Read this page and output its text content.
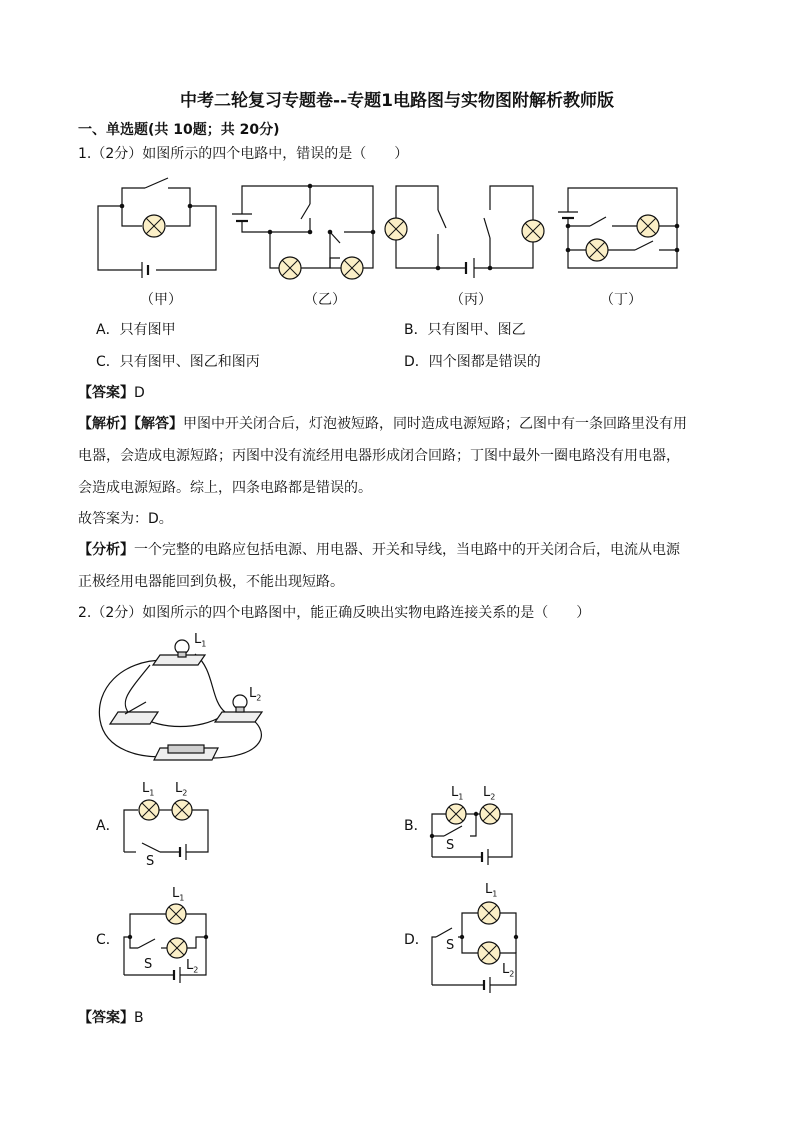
中考二轮复习专题卷--专题1电路图与实物图附解析教师版
一、单选题(共 10题；共 20分)
1.（2分）如图所示的四个电路中，错误的是（　　）
（甲）	（乙）	（丙）	（丁）
A．只有图甲	B．只有图甲、图乙
C．只有图甲、图乙和图丙	D．四个图都是错误的
【答案】D
【解析】【解答】甲图中开关闭合后，灯泡被短路，同时造成电源短路；乙图中有一条回路里没有用
电器，会造成电源短路；丙图中没有流经用电器形成闭合回路；丁图中最外一圈电路没有用电器，
会造成电源短路。综上，四条电路都是错误的。
故答案为：D。
【分析】一个完整的电路应包括电源、用电器、开关和导线，当电路中的开关闭合后，电流从电源
正极经用电器能回到负极，不能出现短路。
2.（2分）如图所示的四个电路图中，能正确反映出实物电路连接关系的是（　　）
$L_1$
$L_2$
A．	B．
C．	D．
$L_1$ $L_2$
S
$L_1$ $L_2$
S
$L_1$
S	$L_2$
$L_1$
S
$L_2$
【答案】B
